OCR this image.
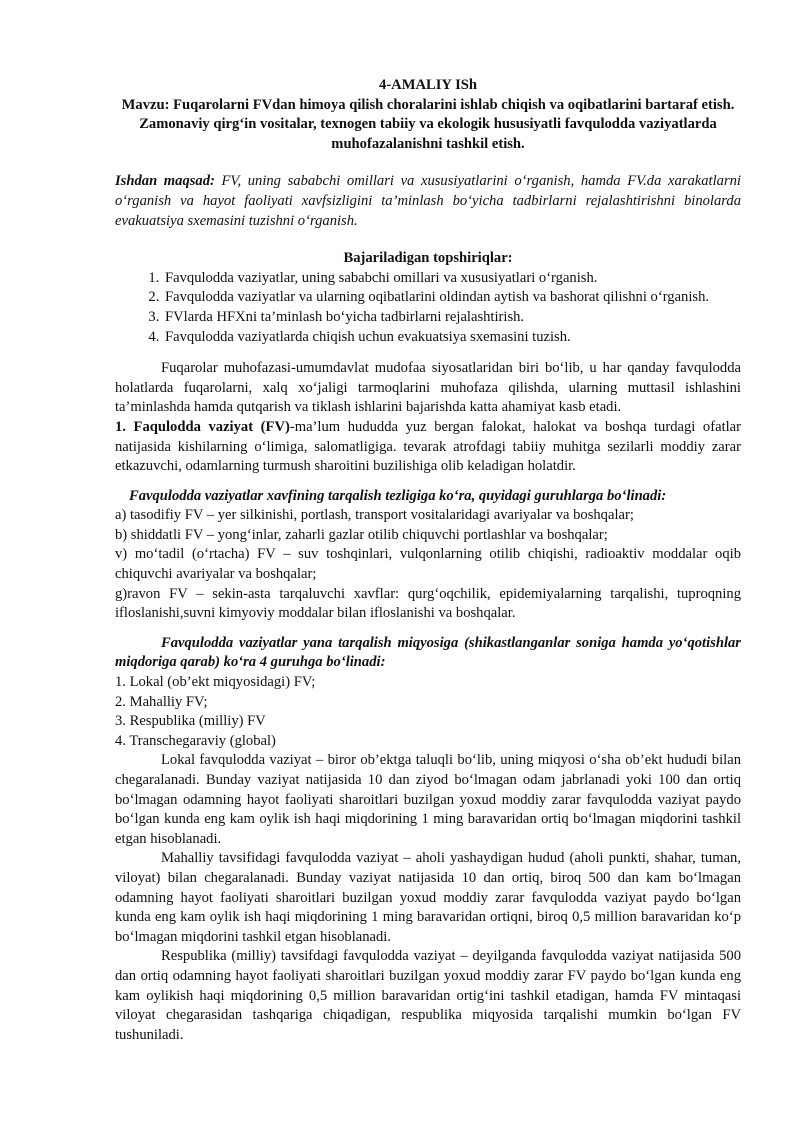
4-AMALIY ISh

Mavzu: Fuqarolarni FVdan himoya qilish choralarini ishlab chiqish va oqibatlarini bartaraf etish. Zamonaviy qirg‘in vositalar, texnogen tabiiy va ekologik hususiyatli favqulodda vaziyatlarda muhofazalanishni tashkil etish.

Ishdan maqsad: FV, uning sababchi omillari va xususiyatlarini o‘rganish, hamda FV.da xarakatlarni o‘rganish va hayot faoliyati xavfsizligini ta’minlash bo‘yicha tadbirlarni rejalashtirishni binolarda evakuatsiya sxemasini tuzishni o‘rganish.

Bajariladigan topshiriqlar:

1. Favqulodda vaziyatlar, uning sababchi omillari va xususiyatlari o‘rganish.
2. Favqulodda vaziyatlar va ularning oqibatlarini oldindan aytish va bashorat qilishni o‘rganish.
3. FVlarda HFXni ta’minlash bo‘yicha tadbirlarni rejalashtirish.
4. Favqulodda vaziyatlarda chiqish uchun evakuatsiya sxemasini tuzish.

Fuqarolar muhofazasi-umumdavlat mudofaa siyosatlaridan biri bo‘lib, u har qanday favqulodda holatlarda fuqarolarni, xalq xo‘jaligi tarmoqlarini muhofaza qilishda, ularning muttasil ishlashini ta’minlashda hamda qutqarish va tiklash ishlarini bajarishda katta ahamiyat kasb etadi.

1. Faqulodda vaziyat (FV)-ma’lum hududda yuz bergan falokat, halokat va boshqa turdagi ofatlar natijasida kishilarning o‘limiga, salomatligiga. tevarak atrofdagi tabiiy muhitga sezilarli moddiy zarar etkazuvchi, odamlarning turmush sharoitini buzilishiga olib keladigan holatdir.

Favqulodda vaziyatlar xavfining tarqalish tezligiga ko‘ra, quyidagi guruhlarga bo‘linadi:

a) tasodifiy FV – yer silkinishi, portlash, transport vositalaridagi avariyalar va boshqalar;

b) shiddatli FV – yong‘inlar, zaharli gazlar otilib chiquvchi portlashlar va boshqalar;

v) mo‘tadil (o‘rtacha) FV – suv toshqinlari, vulqonlarning otilib chiqishi, radioaktiv moddalar oqib chiquvchi avariyalar va boshqalar;

g)ravon FV – sekin-asta tarqaluvchi xavflar: qurg‘oqchilik, epidemiyalarning tarqalishi, tuproqning ifloslanishi,suvni kimyoviy moddalar bilan ifloslanishi va boshqalar.

Favqulodda vaziyatlar yana tarqalish miqyosiga (shikastlanganlar soniga hamda yo‘qotishlar miqdoriga qarab) ko‘ra 4 guruhga bo‘linadi:

1. Lokal (ob’ekt miqyosidagi) FV;

2. Mahalliy FV;

3. Respublika (milliy) FV

4. Transchegaraviy (global)

Lokal favqulodda vaziyat – biror ob’ektga taluqli bo‘lib, uning miqyosi o‘sha ob’ekt hududi bilan chegaralanadi. Bunday vaziyat natijasida 10 dan ziyod bo‘lmagan odam jabrlanadi yoki 100 dan ortiq bo‘lmagan odamning hayot faoliyati sharoitlari buzilgan yoxud moddiy zarar favqulodda vaziyat paydo bo‘lgan kunda eng kam oylik ish haqi miqdorining 1 ming baravaridan ortiq bo‘lmagan miqdorini tashkil etgan hisoblanadi.

Mahalliy tavsifidagi favqulodda vaziyat – aholi yashaydigan hudud (aholi punkti, shahar, tuman, viloyat) bilan chegaralanadi. Bunday vaziyat natijasida 10 dan ortiq, biroq 500 dan kam bo‘lmagan odamning hayot faoliyati sharoitlari buzilgan yoxud moddiy zarar favqulodda vaziyat paydo bo‘lgan kunda eng kam oylik ish haqi miqdorining 1 ming baravaridan ortiqni, biroq 0,5 million baravaridan ko‘p bo‘lmagan miqdorini tashkil etgan hisoblanadi.

Respublika (milliy) tavsifdagi favqulodda vaziyat – deyilganda favqulodda vaziyat natijasida 500 dan ortiq odamning hayot faoliyati sharoitlari buzilgan yoxud moddiy zarar FV paydo bo‘lgan kunda eng kam oylikish haqi miqdorining 0,5 million baravaridan ortig‘ini tashkil etadigan, hamda FV mintaqasi viloyat chegarasidan tashqariga chiqadigan, respublika miqyosida tarqalishi mumkin bo‘lgan FV tushuniladi.
